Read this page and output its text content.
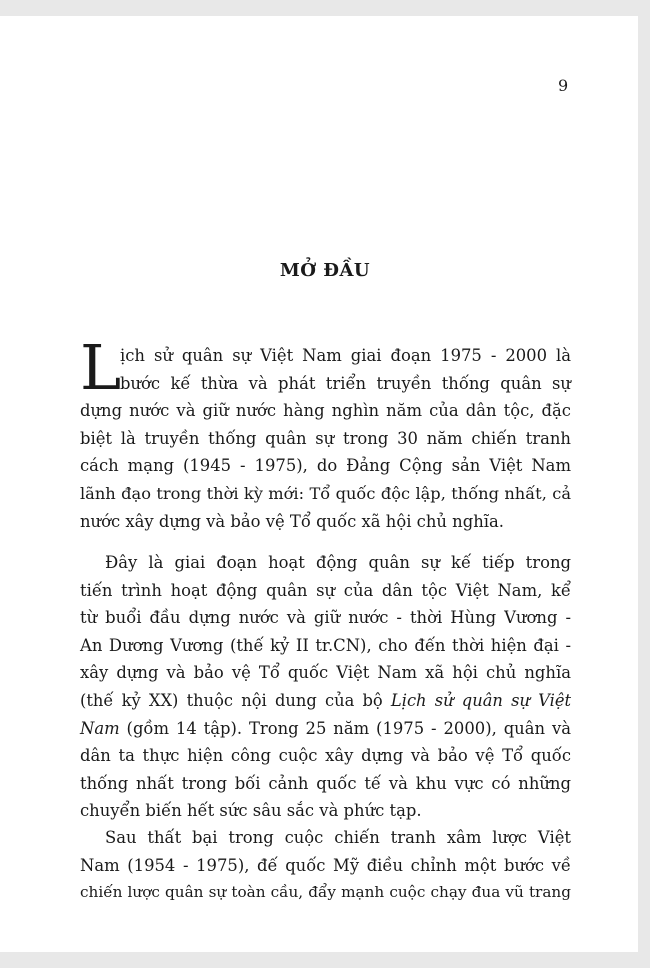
9
MỞ ĐẦU
L
ịch sử quân sự Việt Nam giai đoạn 1975 - 2000 là
bước kế thừa và phát triển truyền thống quân sự
dựng nước và giữ nước hàng nghìn năm của dân tộc, đặc
biệt là truyền thống quân sự trong 30 năm chiến tranh
cách mạng (1945 - 1975), do Đảng Cộng sản Việt Nam
lãnh đạo trong thời kỳ mới: Tổ quốc độc lập, thống nhất, cả
nước xây dựng và bảo vệ Tổ quốc xã hội chủ nghĩa.
Đây là giai đoạn hoạt động quân sự kế tiếp trong
tiến trình hoạt động quân sự của dân tộc Việt Nam, kể
từ buổi đầu dựng nước và giữ nước - thời Hùng Vương -
An Dương Vương (thế kỷ II tr.CN), cho đến thời hiện đại -
xây dựng và bảo vệ Tổ quốc Việt Nam xã hội chủ nghĩa
(thế kỷ XX) thuộc nội dung của bộ Lịch sử quân sự Việt
Nam (gồm 14 tập). Trong 25 năm (1975 - 2000), quân và
dân ta thực hiện công cuộc xây dựng và bảo vệ Tổ quốc
thống nhất trong bối cảnh quốc tế và khu vực có những
chuyển biến hết sức sâu sắc và phức tạp.
Sau thất bại trong cuộc chiến tranh xâm lược Việt
Nam (1954 - 1975), đế quốc Mỹ điều chỉnh một bước về
chiến lược quân sự toàn cầu, đẩy mạnh cuộc chạy đua vũ trang
